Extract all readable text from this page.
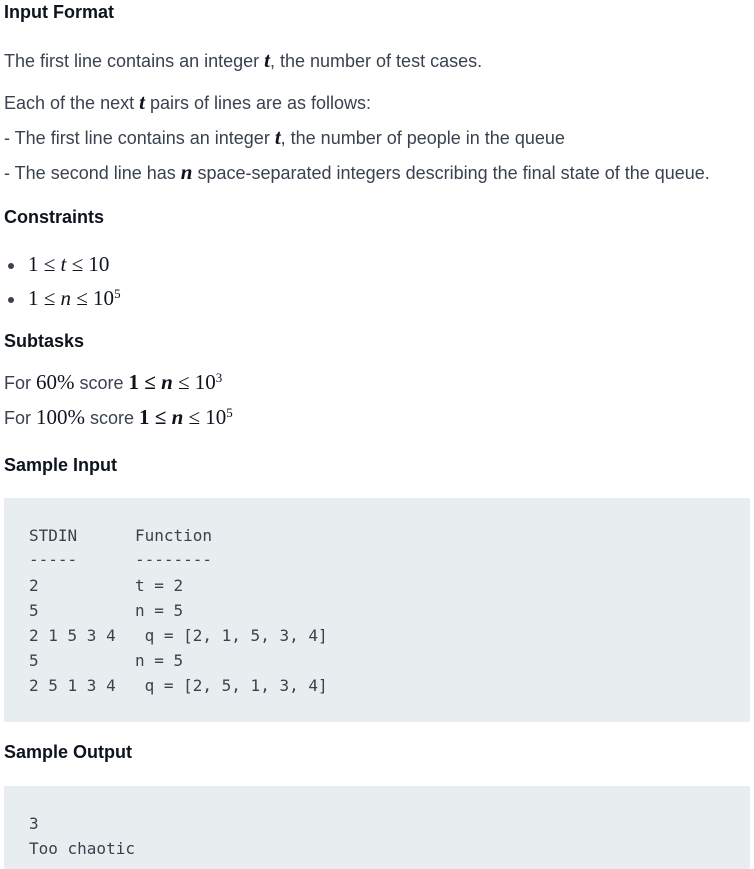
Input Format

The first line contains an integer t, the number of test cases.

Each of the next t pairs of lines are as follows:

- The first line contains an integer t, the number of people in the queue

- The second line has n space-separated integers describing the final state of the queue.

Constraints

1 ≤ t ≤ 10

$1 \le n \le 10^5$

Subtasks

For 60% score $1 \le n \le 10^3$

For 100% score $1 \le n \le 10^5$

Sample Input
STDIN      Function
-----      --------
2          t = 2
5          n = 5
2 1 5 3 4   q = [2, 1, 5, 3, 4]
5          n = 5
2 5 1 3 4   q = [2, 5, 1, 3, 4]
Sample Output
3
Too chaotic
